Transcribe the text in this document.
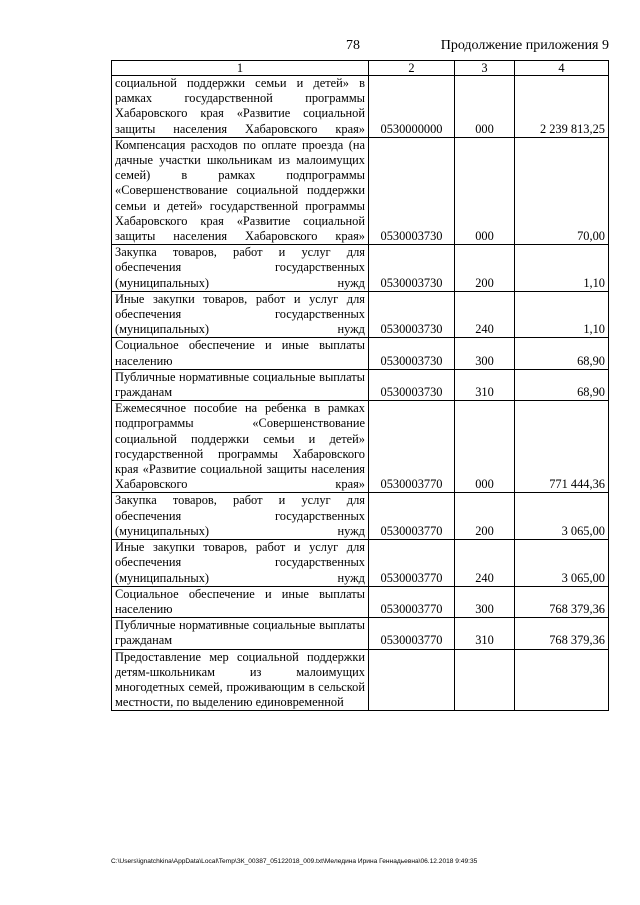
78	Продолжение приложения 9
1	2	3	4
социальной поддержки семьи и детей» в рамках государственной программы Хабаровского края «Развитие социальной защиты населения Хабаровского края»	0530000000	000	2 239 813,25
Компенсация расходов по оплате проезда (на дачные участки школьникам из малоимущих семей) в рамках подпрограммы «Совершенствование социальной поддержки семьи и детей» государственной программы Хабаровского края «Развитие социальной защиты населения Хабаровского края»	0530003730	000	70,00
Закупка товаров, работ и услуг для обеспечения государственных (муниципальных) нужд	0530003730	200	1,10
Иные закупки товаров, работ и услуг для обеспечения государственных (муниципальных) нужд	0530003730	240	1,10
Социальное обеспечение и иные выплаты населению	0530003730	300	68,90
Публичные нормативные социальные выплаты гражданам	0530003730	310	68,90
Ежемесячное пособие на ребенка в рамках подпрограммы «Совершенствование социальной поддержки семьи и детей» государственной программы Хабаровского края «Развитие социальной защиты населения Хабаровского края»	0530003770	000	771 444,36
Закупка товаров, работ и услуг для обеспечения государственных (муниципальных) нужд	0530003770	200	3 065,00
Иные закупки товаров, работ и услуг для обеспечения государственных (муниципальных) нужд	0530003770	240	3 065,00
Социальное обеспечение и иные выплаты населению	0530003770	300	768 379,36
Публичные нормативные социальные выплаты гражданам	0530003770	310	768 379,36
Предоставление мер социальной поддержки детям-школьникам из малоимущих многодетных семей, проживающим в сельской местности, по выделению единовременной			
C:\Users\ignatchkina\AppData\Local\Temp\ЗК_00387_05122018_009.txt\Меледина Ирина Геннадьевна\06.12.2018 9:49:35
